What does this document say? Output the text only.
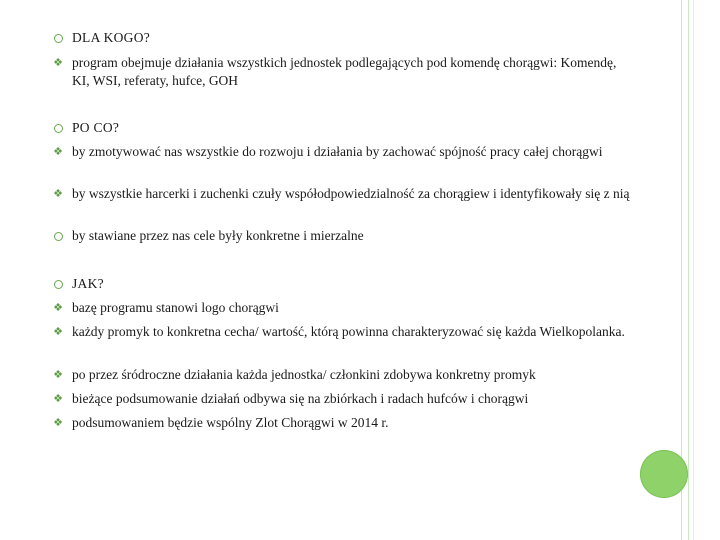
DLA KOGO?
❖ program obejmuje działania wszystkich jednostek podlegających pod komendę chorągwi: Komendę, KI, WSI, referaty, hufce, GOH
PO CO?
❖ by zmotywować nas wszystkie do rozwoju i działania by zachować spójność pracy całej chorągwi
❖ by wszystkie harcerki i zuchenki czuły współodpowiedzialność za chorągiew i identyfikowały się z nią
by stawiane przez nas cele były konkretne i mierzalne
JAK?
❖ bazę programu stanowi logo chorągwi
❖ każdy promyk to konkretna cecha/ wartość, którą powinna charakteryzować się każda Wielkopolanka.
❖ po przez śródroczne działania każda jednostka/ członkini zdobywa konkretny promyk
❖ bieżące podsumowanie działań odbywa się na zbiórkach i radach hufców i chorągwi
❖ podsumowaniem będzie wspólny Zlot Chorągwi w 2014 r.
